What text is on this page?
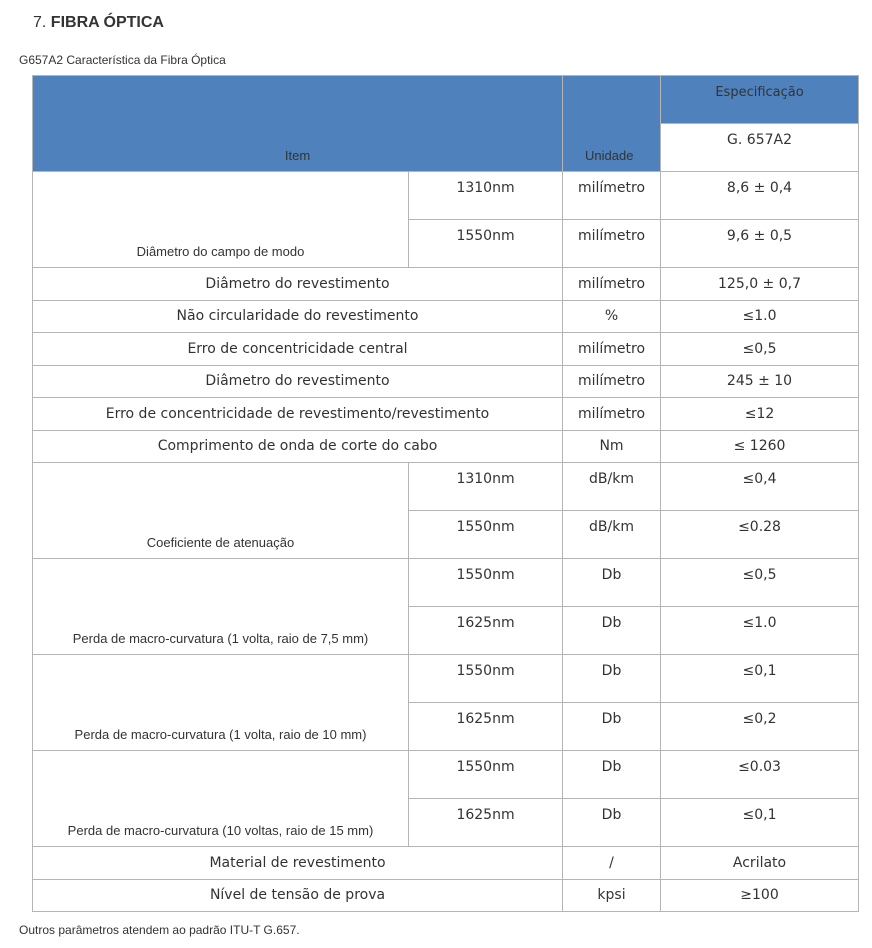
7. FIBRA ÓPTICA
G657A2 Característica da Fibra Óptica
Item		Unidade	Especificação
			G. 657A2
Diâmetro do campo de modo	1310nm	milímetro	8,6 ± 0,4
	1550nm	milímetro	9,6 ± 0,5
Diâmetro do revestimento		milímetro	125,0 ± 0,7
Não circularidade do revestimento		%	≤1.0
Erro de concentricidade central		milímetro	≤0,5
Diâmetro do revestimento		milímetro	245 ± 10
Erro de concentricidade de revestimento/revestimento		milímetro	≤12
Comprimento de onda de corte do cabo		Nm	≤ 1260
Coeficiente de atenuação	1310nm	dB/km	≤0,4
	1550nm	dB/km	≤0.28
Perda de macro-curvatura (1 volta, raio de 7,5 mm)	1550nm	Db	≤0,5
	1625nm	Db	≤1.0
Perda de macro-curvatura (1 volta, raio de 10 mm)	1550nm	Db	≤0,1
	1625nm	Db	≤0,2
Perda de macro-curvatura (10 voltas, raio de 15 mm)	1550nm	Db	≤0.03
	1625nm	Db	≤0,1
Material de revestimento		/	Acrilato
Nível de tensão de prova		kpsi	≥100
Outros parâmetros atendem ao padrão ITU-T G.657.
